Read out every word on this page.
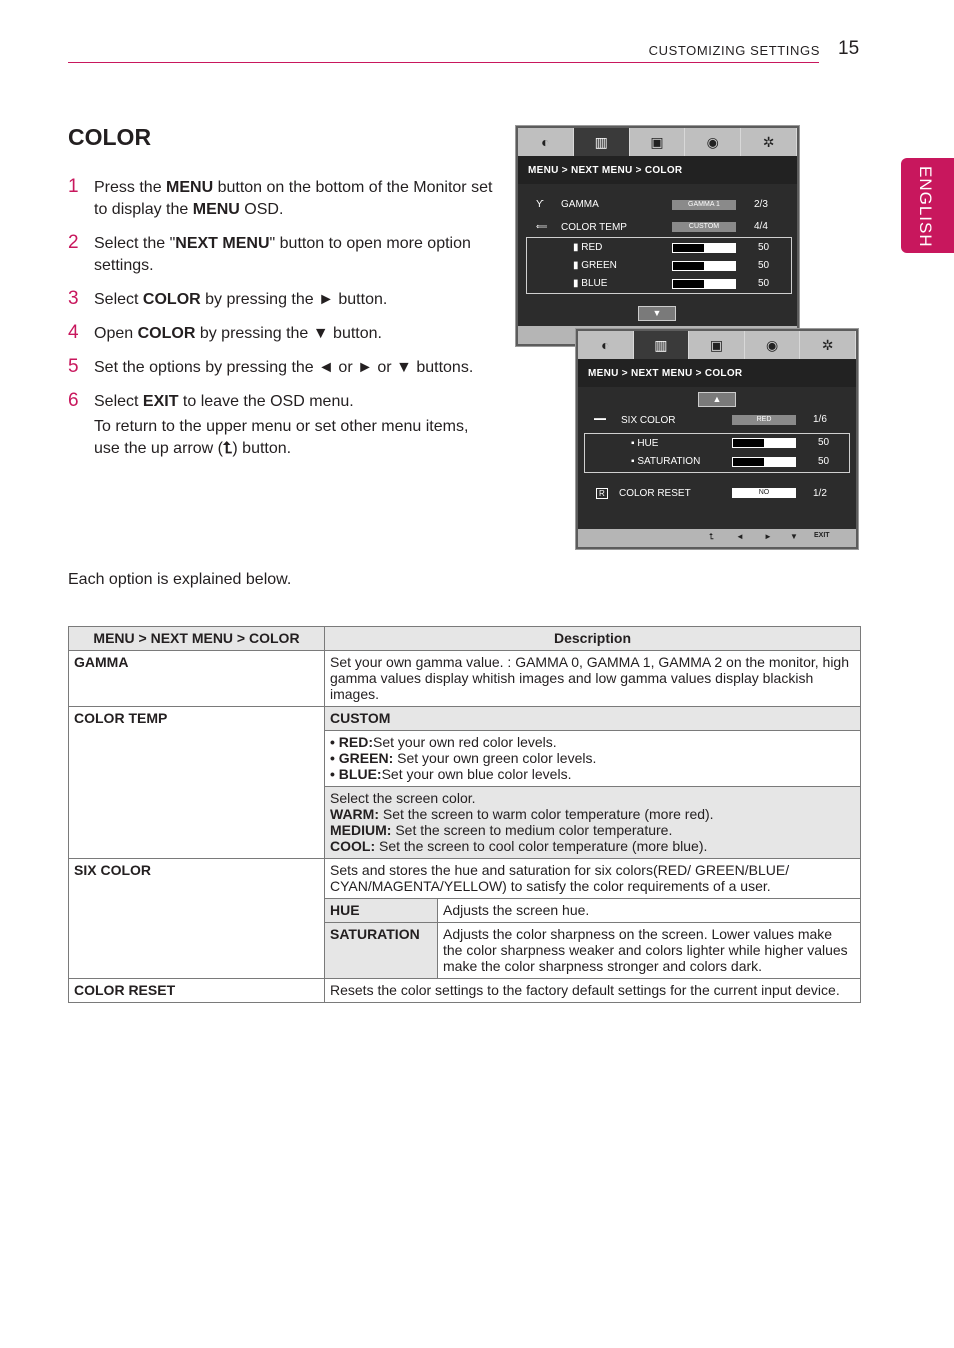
CUSTOMIZING SETTINGS 15
ENGLISH
COLOR
1 Press the MENU button on the bottom of the Monitor set to display the MENU OSD.
2 Select the "NEXT MENU" button to open more option settings.
3 Select COLOR by pressing the ► button.
4 Open COLOR by pressing the ▼ button.
5 Set the options by pressing the ◄ or ► or ▼ buttons.
6 Select EXIT to leave the OSD menu.
To return to the upper menu or set other menu items, use the up arrow (⮤) button.
◐	▥	▣	◉	✲
MENU > NEXT MENU > COLOR
ϒ GAMMA	GAMMA 1	2/3
⟸ COLOR TEMP	CUSTOM	4/4
▮ RED	50
▮ GREEN	50
▮ BLUE	50
▼
◐	▥	▣	◉	✲
MENU > NEXT MENU > COLOR
▲
▬▬ SIX COLOR	RED	1/6
▪ HUE	50
▪ SATURATION	50
R	COLOR RESET	NO	1/2
⮤	◄	► ▼ EXIT
Each option is explained below.
MENU > NEXT MENU > COLOR	Description	
GAMMA	Set your own gamma value. : GAMMA 0, GAMMA 1, GAMMA 2 on the monitor, high gamma values display whitish images and low gamma values display blackish images.	
COLOR TEMP	CUSTOM	
	• RED:Set your own red color levels.
• GREEN: Set your own green color levels.
• BLUE:Set your own blue color levels.	
	Select the screen color.
WARM: Set the screen to warm color temperature (more red).
MEDIUM: Set the screen to medium color temperature.
COOL: Set the screen to cool color temperature (more blue).	
SIX COLOR	Sets and stores the hue and saturation for six colors(RED/ GREEN/BLUE/ CYAN/MAGENTA/YELLOW) to satisfy the color requirements of a user.	
	HUE	Adjusts the screen hue.
	SATURATION	Adjusts the color sharpness on the screen. Lower values make the color sharpness weaker and colors lighter while higher values make the color sharpness stronger and colors dark.
COLOR RESET	Resets the color settings to the factory default settings for the current input device.	
